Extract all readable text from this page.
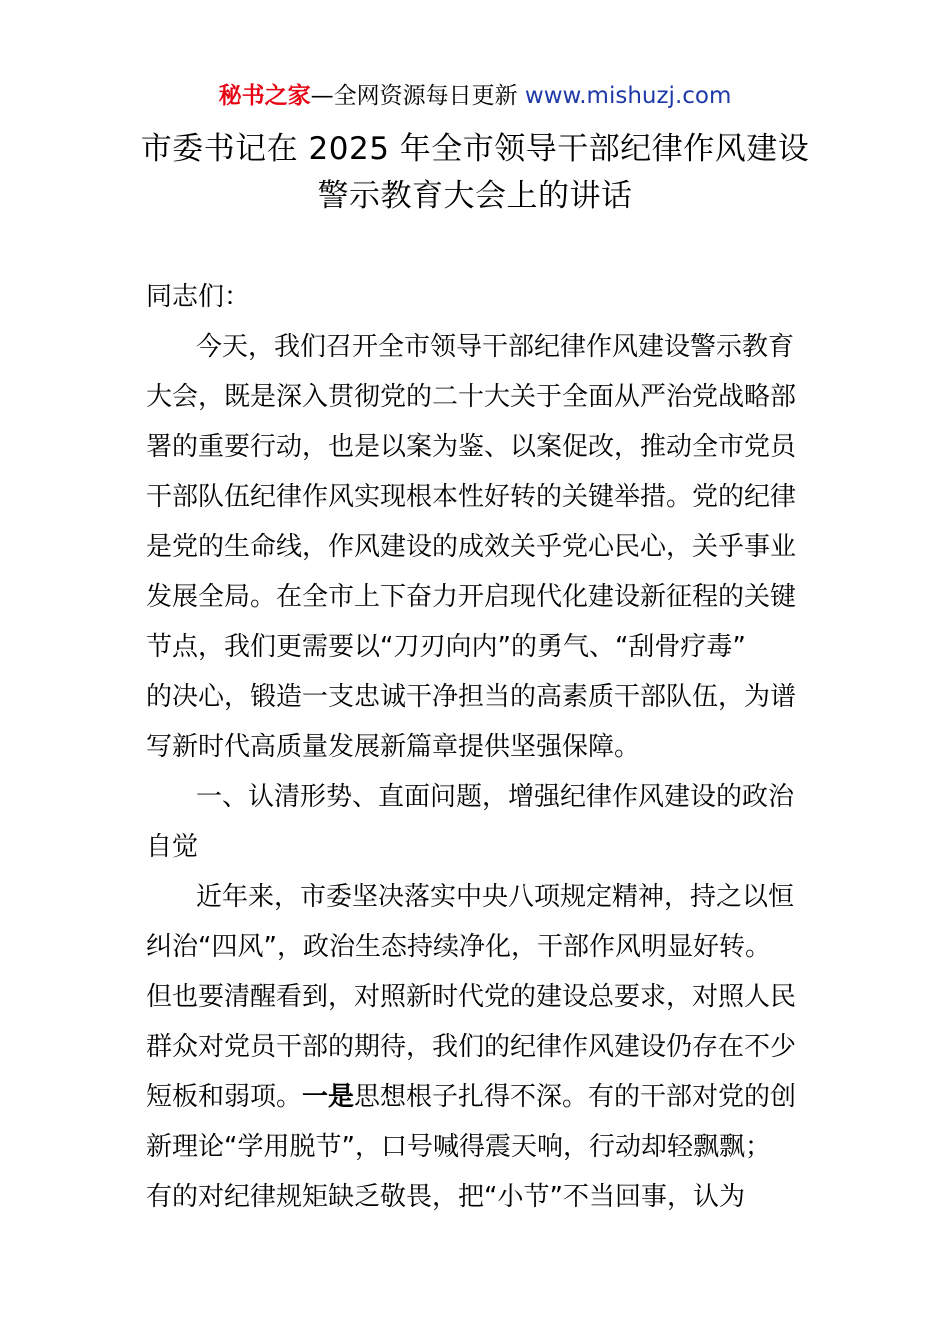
秘书之家—全网资源每日更新 www.mishuzj.com
市委书记在 2025 年全市领导干部纪律作风建设
警示教育大会上的讲话
同志们：
今天，我们召开全市领导干部纪律作风建设警示教育
大会，既是深入贯彻党的二十大关于全面从严治党战略部
署的重要行动，也是以案为鉴、以案促改，推动全市党员
干部队伍纪律作风实现根本性好转的关键举措。党的纪律
是党的生命线，作风建设的成效关乎党心民心，关乎事业
发展全局。在全市上下奋力开启现代化建设新征程的关键
节点，我们更需要以“刀刃向内”的勇气、“刮骨疗毒”
的决心，锻造一支忠诚干净担当的高素质干部队伍，为谱
写新时代高质量发展新篇章提供坚强保障。
一、认清形势、直面问题，增强纪律作风建设的政治
自觉
近年来，市委坚决落实中央八项规定精神，持之以恒
纠治“四风”，政治生态持续净化，干部作风明显好转。
但也要清醒看到，对照新时代党的建设总要求，对照人民
群众对党员干部的期待，我们的纪律作风建设仍存在不少
短板和弱项。一是思想根子扎得不深。有的干部对党的创
新理论“学用脱节”，口号喊得震天响，行动却轻飘飘；
有的对纪律规矩缺乏敬畏，把“小节”不当回事，认为
